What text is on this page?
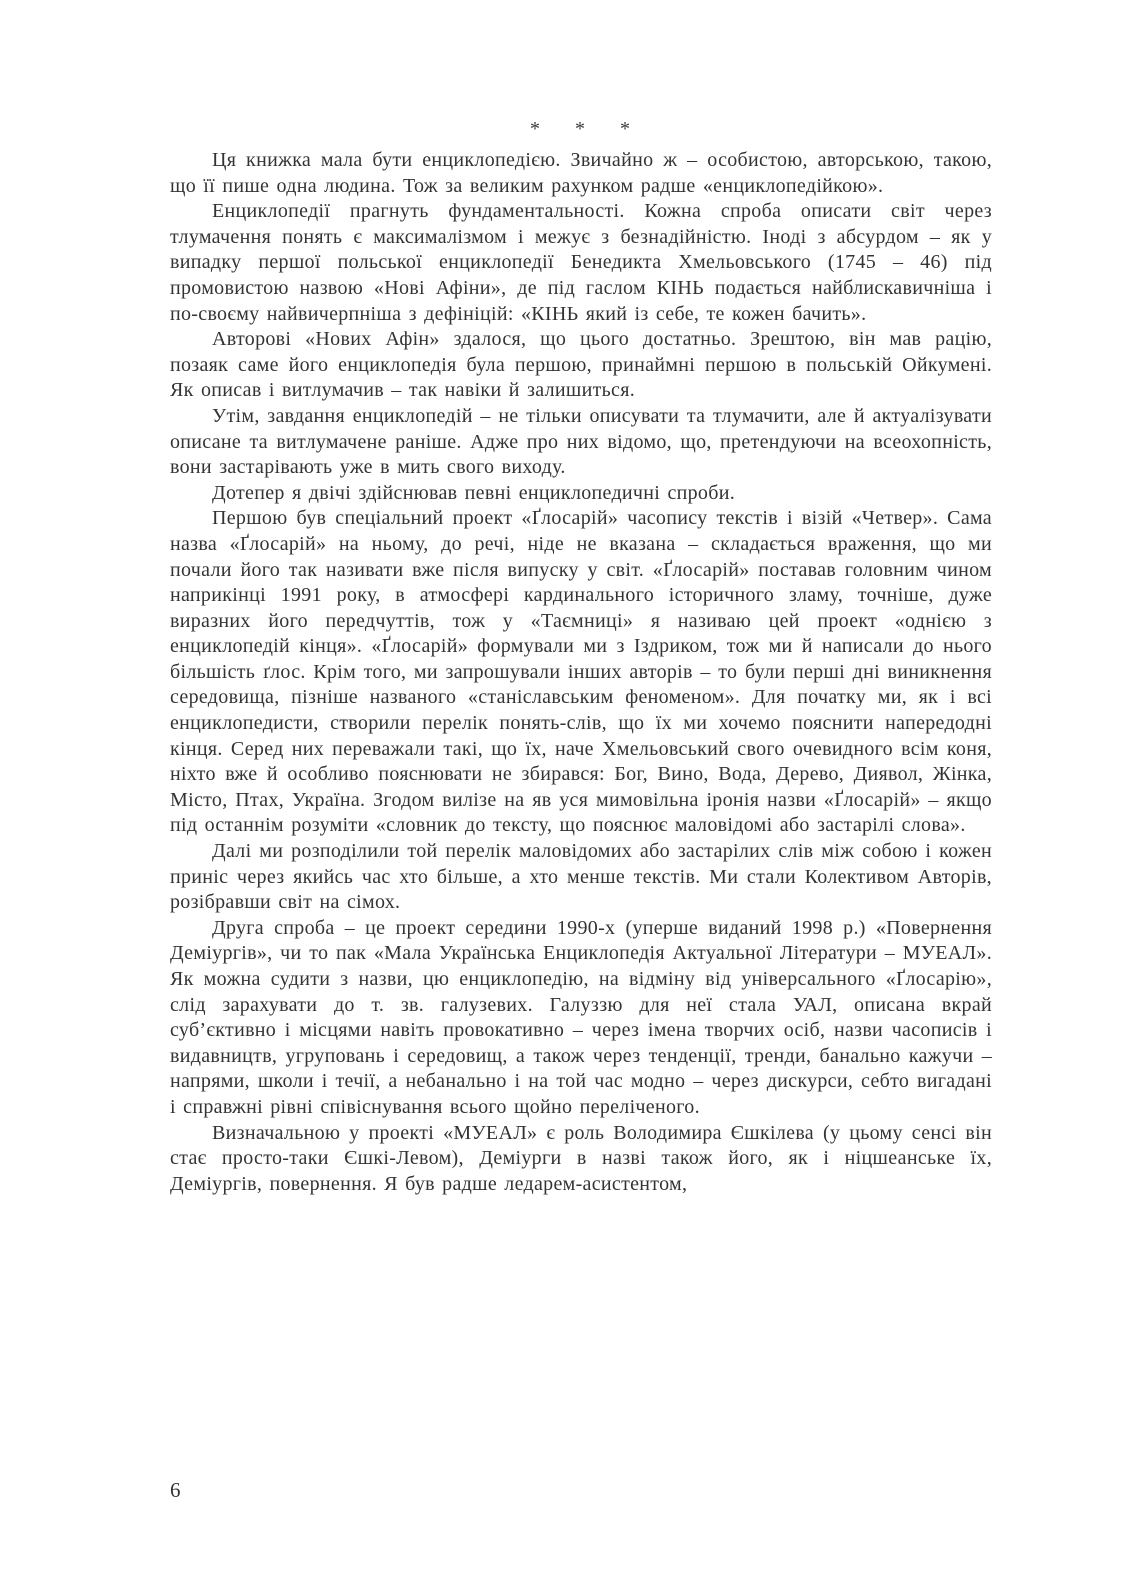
* * *

Ця книжка мала бути енциклопедією. Звичайно ж – особистою, авторською, такою, що її пише одна людина. Тож за великим рахунком радше «енциклопедійкою».

Енциклопедії прагнуть фундаментальності. Кожна спроба описати світ через тлумачення понять є максималізмом і межує з безнадійністю. Іноді з абсурдом – як у випадку першої польської енциклопедії Бенедикта Хмельовського (1745 – 46) під промовистою назвою «Нові Афіни», де під гаслом КІНЬ подається найблискавичніша і по-своєму найвичерпніша з дефініцій: «КІНЬ який із себе, те кожен бачить».

Авторові «Нових Афін» здалося, що цього достатньо. Зрештою, він мав рацію, позаяк саме його енциклопедія була першою, принаймні першою в польській Ойкумені. Як описав і витлумачив – так навіки й залишиться.

Утім, завдання енциклопедій – не тільки описувати та тлумачити, але й актуалізувати описане та витлумачене раніше. Адже про них відомо, що, претендуючи на всеохопність, вони застарівають уже в мить свого виходу.

Дотепер я двічі здійснював певні енциклопедичні спроби.

Першою був спеціальний проект «Ґлосарій» часопису текстів і візій «Четвер». Сама назва «Ґлосарій» на ньому, до речі, ніде не вказана – складається враження, що ми почали його так називати вже після випуску у світ. «Ґлосарій» поставав головним чином наприкінці 1991 року, в атмосфері кардинального історичного зламу, точніше, дуже виразних його передчуттів, тож у «Таємниці» я називаю цей проект «однією з енциклопедій кінця». «Ґлосарій» формували ми з Іздриком, тож ми й написали до нього більшість ґлос. Крім того, ми запрошували інших авторів – то були перші дні виникнення середовища, пізніше названого «станіславським феноменом». Для початку ми, як і всі енциклопедисти, створили перелік понять-слів, що їх ми хочемо пояснити напередодні кінця. Серед них переважали такі, що їх, наче Хмельовський свого очевидного всім коня, ніхто вже й особливо пояснювати не збирався: Бог, Вино, Вода, Дерево, Диявол, Жінка, Місто, Птах, Україна. Згодом вилізе на яв уся мимовільна іронія назви «Ґлосарій» – якщо під останнім розуміти «словник до тексту, що пояснює маловідомі або застарілі слова».

Далі ми розподілили той перелік маловідомих або застарілих слів між собою і кожен приніс через якийсь час хто більше, а хто менше текстів. Ми стали Колективом Авторів, розібравши світ на сімох.

Друга спроба – це проект середини 1990-х (уперше виданий 1998 р.) «Повернення Деміургів», чи то пак «Мала Українська Енциклопедія Актуальної Літератури – МУЕАЛ». Як можна судити з назви, цю енциклопедію, на відміну від універсального «Ґлосарію», слід зарахувати до т. зв. галузевих. Галуззю для неї стала УАЛ, описана вкрай суб’єктивно і місцями навіть провокативно – через імена творчих осіб, назви часописів і видавництв, угруповань і середовищ, а також через тенденції, тренди, банально кажучи – напрями, школи і течії, а небанально і на той час модно – через дискурси, себто вигадані і справжні рівні співіснування всього щойно переліченого.

Визначальною у проекті «МУЕАЛ» є роль Володимира Єшкілева (у цьому сенсі він стає просто-таки Єшкі-Левом), Деміурги в назві також його, як і ніцшеанське їх, Деміургів, повернення. Я був радше ледарем-асистентом,

6
